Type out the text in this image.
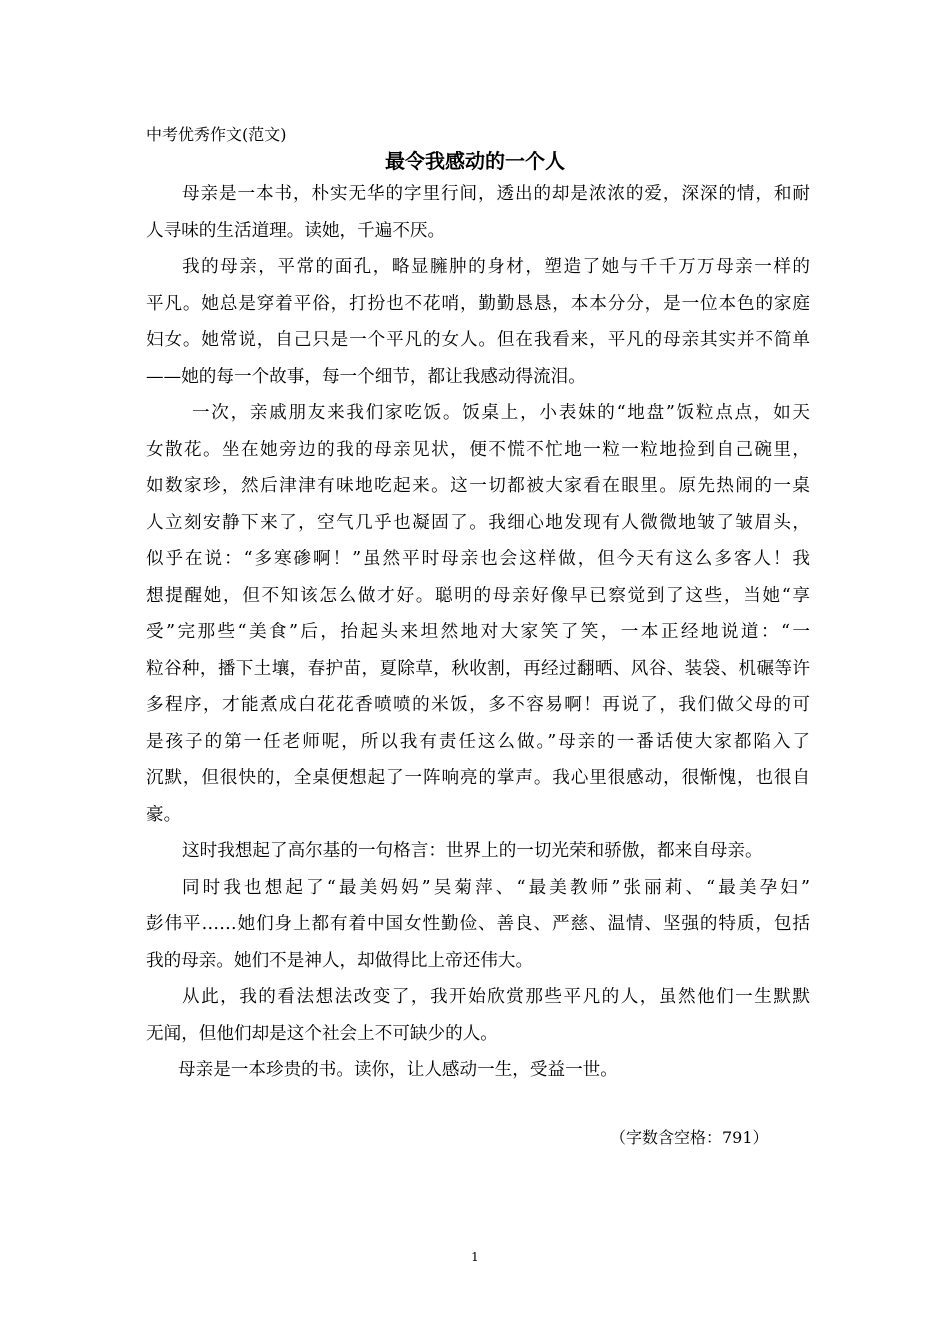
中考优秀作文(范文)
最令我感动的一个人
母亲是一本书，朴实无华的字里行间，透出的却是浓浓的爱，深深的情，和耐
人寻味的生活道理。读她，千遍不厌。
我的母亲，平常的面孔，略显臃肿的身材，塑造了她与千千万万母亲一样的
平凡。她总是穿着平俗，打扮也不花哨，勤勤恳恳，本本分分，是一位本色的家庭
妇女。她常说，自己只是一个平凡的女人。但在我看来，平凡的母亲其实并不简单
——她的每一个故事，每一个细节，都让我感动得流泪。
一次，亲戚朋友来我们家吃饭。饭桌上，小表妹的“地盘”饭粒点点，如天
女散花。坐在她旁边的我的母亲见状，便不慌不忙地一粒一粒地捡到自己碗里，
如数家珍，然后津津有味地吃起来。这一切都被大家看在眼里。原先热闹的一桌
人立刻安静下来了，空气几乎也凝固了。我细心地发现有人微微地皱了皱眉头，
似乎在说：“多寒碜啊！”虽然平时母亲也会这样做，但今天有这么多客人！我
想提醒她，但不知该怎么做才好。聪明的母亲好像早已察觉到了这些，当她“享
受”完那些“美食”后，抬起头来坦然地对大家笑了笑，一本正经地说道：“一
粒谷种，播下土壤，春护苗，夏除草，秋收割，再经过翻晒、风谷、装袋、机碾等许
多程序，才能煮成白花花香喷喷的米饭，多不容易啊！再说了，我们做父母的可
是孩子的第一任老师呢，所以我有责任这么做。”母亲的一番话使大家都陷入了
沉默，但很快的，全桌便想起了一阵响亮的掌声。我心里很感动，很惭愧，也很自
豪。
这时我想起了高尔基的一句格言：世界上的一切光荣和骄傲，都来自母亲。
同时我也想起了“最美妈妈”吴菊萍、“最美教师”张丽莉、“最美孕妇”
彭伟平……她们身上都有着中国女性勤俭、善良、严慈、温情、坚强的特质，包括
我的母亲。她们不是神人，却做得比上帝还伟大。
从此，我的看法想法改变了，我开始欣赏那些平凡的人，虽然他们一生默默
无闻，但他们却是这个社会上不可缺少的人。
母亲是一本珍贵的书。读你，让人感动一生，受益一世。
（字数含空格：791）
1
